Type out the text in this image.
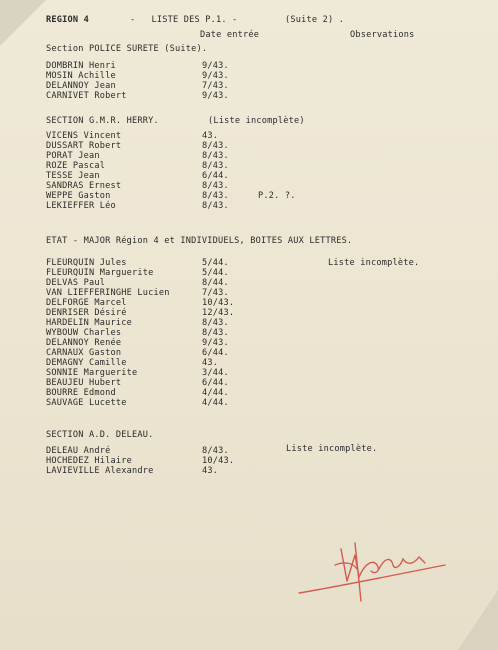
REGION 4	-   LISTE DES P.1. -	(Suite 2) .
Date entrée	Observations
Section POLICE SURETE (Suite).
DOMBRIN Henri	9/43.
MOSIN Achille	9/43.
DELANNOY Jean	7/43.
CARNIVET Robert	9/43.
SECTION G.M.R. HERRY.	(Liste incomplète)
VICENS Vincent	43.
DUSSART Robert	8/43.
PORAT Jean	8/43.
ROZE Pascal	8/43.
TESSE Jean	6/44.
SANDRAS Ernest	8/43.
WEPPE Gaston	8/43.	P.2. ?.
LEKIEFFER Léo	8/43.
ETAT - MAJOR Région 4 et INDIVIDUELS, BOITES AUX LETTRES.
Liste incomplète.
FLEURQUIN Jules	5/44.
FLEURQUIN Marguerite	5/44.
DELVAS Paul	8/44.
VAN LIEFFERINGHE Lucien	7/43.
DELFORGE Marcel	10/43.
DENRISER Désiré	12/43.
HARDELIN Maurice	8/43.
WYBOUW Charles	8/43.
DELANNOY Renée	9/43.
CARNAUX Gaston	6/44.
DEMAGNY Camille	43.
SONNIE Marguerite	3/44.
BEAUJEU Hubert	6/44.
BOURRE Edmond	4/44.
SAUVAGE Lucette	4/44.
SECTION A.D. DELEAU.
Liste incomplète.
DELEAU André	8/43.
HOCHEDEZ Hilaire	10/43.
LAVIEVILLE Alexandre	43.
